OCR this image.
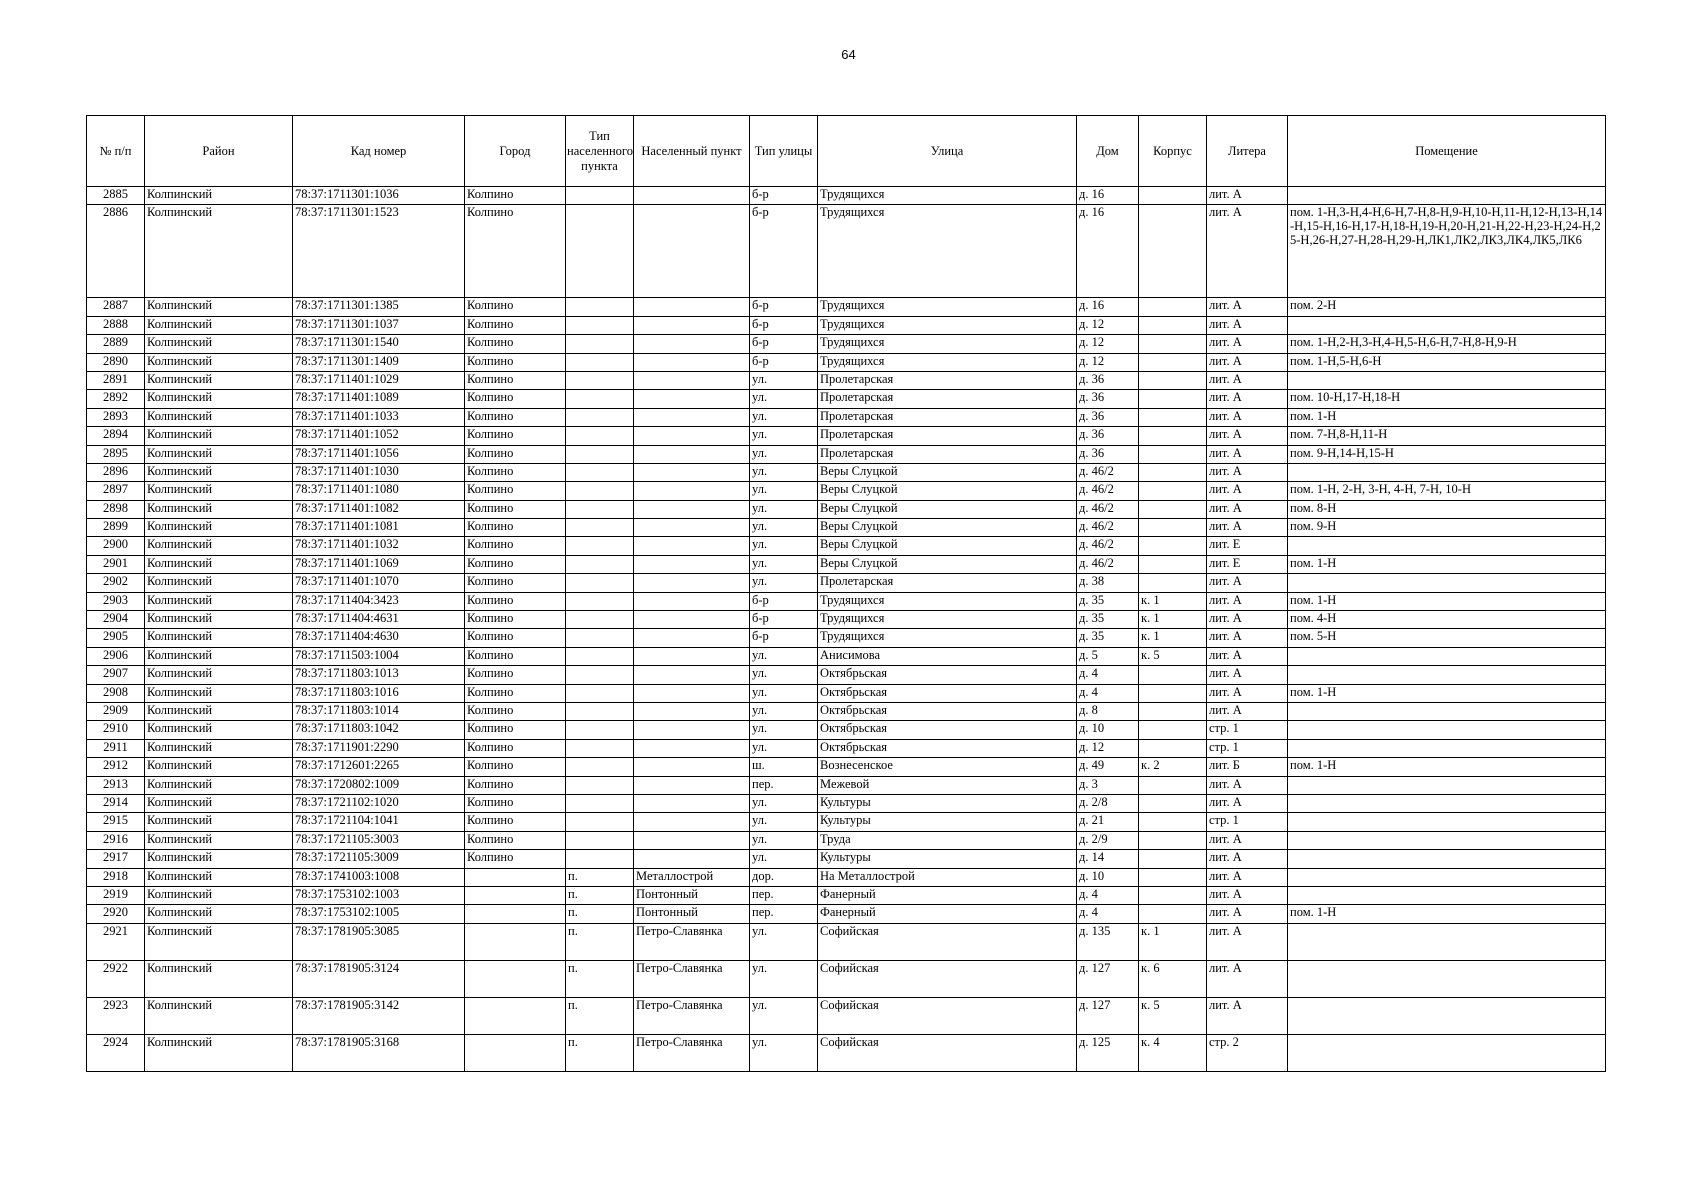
64
№ п/п	Район	Кад номер	Город	Тип населенного пункта	Населенный пункт	Тип улицы	Улица	Дом	Корпус	Литера	Помещение
2885	Колпинский	78:37:1711301:1036	Колпино			б-р	Трудящихся	д. 16		лит. А	
2886	Колпинский	78:37:1711301:1523	Колпино			б-р	Трудящихся	д. 16		лит. А	пом. 1-Н,3-Н,4-Н,6-Н,7-Н,8-Н,9-Н,10-Н,11-Н,12-Н,13-Н,14-Н,15-Н,16-Н,17-Н,18-Н,19-Н,20-Н,21-Н,22-Н,23-Н,24-Н,25-Н,26-Н,27-Н,28-Н,29-Н,ЛК1,ЛК2,ЛК3,ЛК4,ЛК5,ЛК6
2887	Колпинский	78:37:1711301:1385	Колпино			б-р	Трудящихся	д. 16		лит. А	пом. 2-Н
2888	Колпинский	78:37:1711301:1037	Колпино			б-р	Трудящихся	д. 12		лит. А	
2889	Колпинский	78:37:1711301:1540	Колпино			б-р	Трудящихся	д. 12		лит. А	пом. 1-Н,2-Н,3-Н,4-Н,5-Н,6-Н,7-Н,8-Н,9-Н
2890	Колпинский	78:37:1711301:1409	Колпино			б-р	Трудящихся	д. 12		лит. А	пом. 1-Н,5-Н,6-Н
2891	Колпинский	78:37:1711401:1029	Колпино			ул.	Пролетарская	д. 36		лит. А	
2892	Колпинский	78:37:1711401:1089	Колпино			ул.	Пролетарская	д. 36		лит. А	пом. 10-Н,17-Н,18-Н
2893	Колпинский	78:37:1711401:1033	Колпино			ул.	Пролетарская	д. 36		лит. А	пом. 1-Н
2894	Колпинский	78:37:1711401:1052	Колпино			ул.	Пролетарская	д. 36		лит. А	пом. 7-Н,8-Н,11-Н
2895	Колпинский	78:37:1711401:1056	Колпино			ул.	Пролетарская	д. 36		лит. А	пом. 9-Н,14-Н,15-Н
2896	Колпинский	78:37:1711401:1030	Колпино			ул.	Веры Слуцкой	д. 46/2		лит. А	
2897	Колпинский	78:37:1711401:1080	Колпино			ул.	Веры Слуцкой	д. 46/2		лит. А	пом. 1-Н, 2-Н, 3-Н, 4-Н, 7-Н, 10-Н
2898	Колпинский	78:37:1711401:1082	Колпино			ул.	Веры Слуцкой	д. 46/2		лит. А	пом. 8-Н
2899	Колпинский	78:37:1711401:1081	Колпино			ул.	Веры Слуцкой	д. 46/2		лит. А	пом. 9-Н
2900	Колпинский	78:37:1711401:1032	Колпино			ул.	Веры Слуцкой	д. 46/2		лит. Е	
2901	Колпинский	78:37:1711401:1069	Колпино			ул.	Веры Слуцкой	д. 46/2		лит. Е	пом. 1-Н
2902	Колпинский	78:37:1711401:1070	Колпино			ул.	Пролетарская	д. 38		лит. А	
2903	Колпинский	78:37:1711404:3423	Колпино			б-р	Трудящихся	д. 35	к. 1	лит. А	пом. 1-Н
2904	Колпинский	78:37:1711404:4631	Колпино			б-р	Трудящихся	д. 35	к. 1	лит. А	пом. 4-Н
2905	Колпинский	78:37:1711404:4630	Колпино			б-р	Трудящихся	д. 35	к. 1	лит. А	пом. 5-Н
2906	Колпинский	78:37:1711503:1004	Колпино			ул.	Анисимова	д. 5	к. 5	лит. А	
2907	Колпинский	78:37:1711803:1013	Колпино			ул.	Октябрьская	д. 4		лит. А	
2908	Колпинский	78:37:1711803:1016	Колпино			ул.	Октябрьская	д. 4		лит. А	пом. 1-Н
2909	Колпинский	78:37:1711803:1014	Колпино			ул.	Октябрьская	д. 8		лит. А	
2910	Колпинский	78:37:1711803:1042	Колпино			ул.	Октябрьская	д. 10		стр. 1	
2911	Колпинский	78:37:1711901:2290	Колпино			ул.	Октябрьская	д. 12		стр. 1	
2912	Колпинский	78:37:1712601:2265	Колпино			ш.	Вознесенское	д. 49	к. 2	лит. Б	пом. 1-Н
2913	Колпинский	78:37:1720802:1009	Колпино			пер.	Межевой	д. 3		лит. А	
2914	Колпинский	78:37:1721102:1020	Колпино			ул.	Культуры	д. 2/8		лит. А	
2915	Колпинский	78:37:1721104:1041	Колпино			ул.	Культуры	д. 21		стр. 1	
2916	Колпинский	78:37:1721105:3003	Колпино			ул.	Труда	д. 2/9		лит. А	
2917	Колпинский	78:37:1721105:3009	Колпино			ул.	Культуры	д. 14		лит. А	
2918	Колпинский	78:37:1741003:1008		п.	Металлострой	дор.	На Металлострой	д. 10		лит. А	
2919	Колпинский	78:37:1753102:1003		п.	Понтонный	пер.	Фанерный	д. 4		лит. А	
2920	Колпинский	78:37:1753102:1005		п.	Понтонный	пер.	Фанерный	д. 4		лит. А	пом. 1-Н
2921	Колпинский	78:37:1781905:3085		п.	Петро-Славянка	ул.	Софийская	д. 135	к. 1	лит. А	
2922	Колпинский	78:37:1781905:3124		п.	Петро-Славянка	ул.	Софийская	д. 127	к. 6	лит. А	
2923	Колпинский	78:37:1781905:3142		п.	Петро-Славянка	ул.	Софийская	д. 127	к. 5	лит. А	
2924	Колпинский	78:37:1781905:3168		п.	Петро-Славянка	ул.	Софийская	д. 125	к. 4	стр. 2	
